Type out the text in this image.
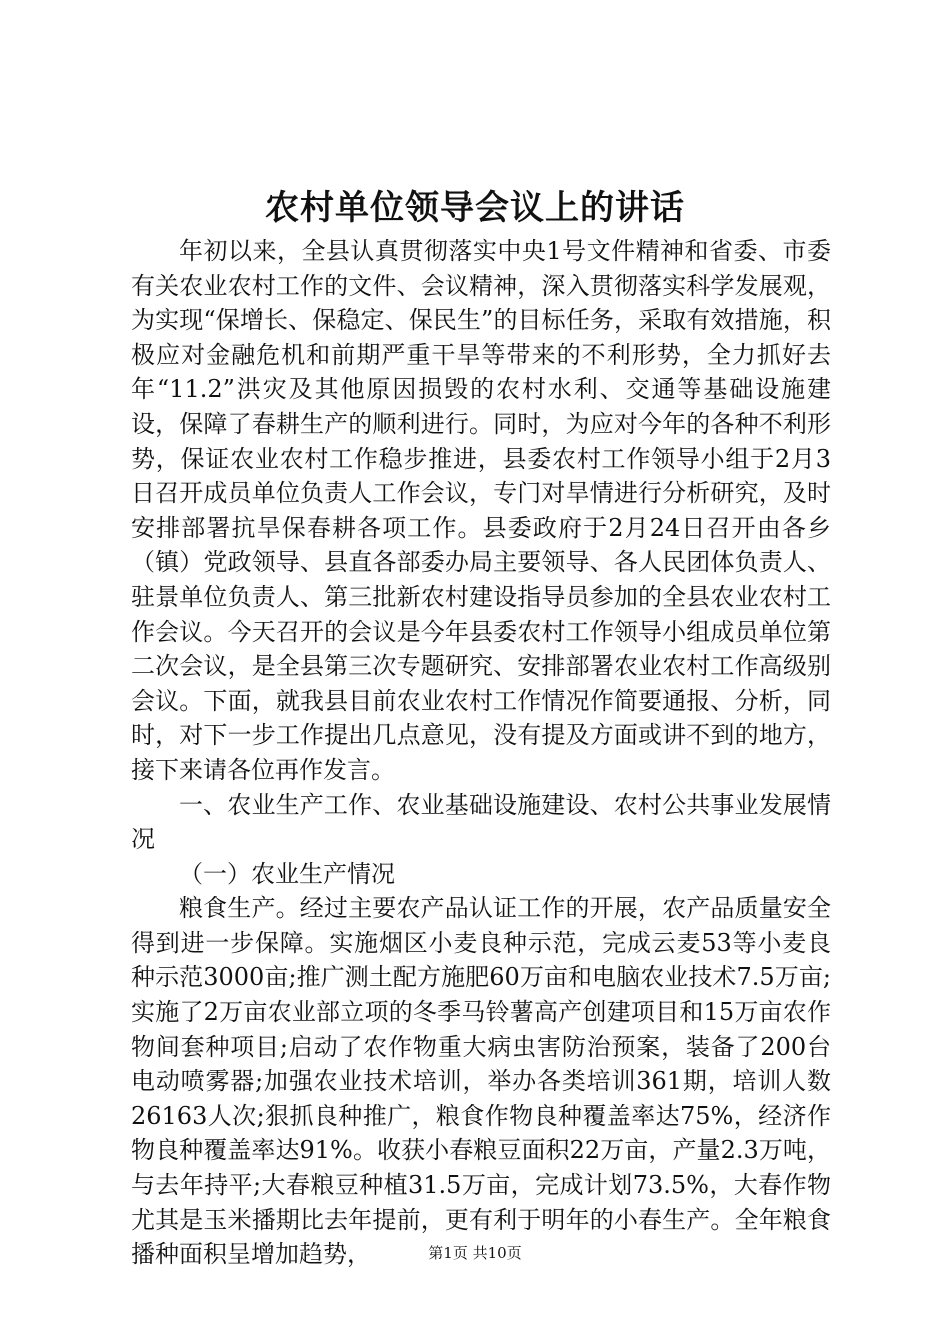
农村单位领导会议上的讲话

年初以来，全县认真贯彻落实中央1号文件精神和省委、市委有关农业农村工作的文件、会议精神，深入贯彻落实科学发展观，为实现“保增长、保稳定、保民生”的目标任务，采取有效措施，积极应对金融危机和前期严重干旱等带来的不利形势，全力抓好去年“11.2”洪灾及其他原因损毁的农村水利、交通等基础设施建设，保障了春耕生产的顺利进行。同时，为应对今年的各种不利形势，保证农业农村工作稳步推进，县委农村工作领导小组于2月3日召开成员单位负责人工作会议，专门对旱情进行分析研究，及时安排部署抗旱保春耕各项工作。县委政府于2月24日召开由各乡（镇）党政领导、县直各部委办局主要领导、各人民团体负责人、驻景单位负责人、第三批新农村建设指导员参加的全县农业农村工作会议。今天召开的会议是今年县委农村工作领导小组成员单位第二次会议，是全县第三次专题研究、安排部署农业农村工作高级别会议。下面，就我县目前农业农村工作情况作简要通报、分析，同时，对下一步工作提出几点意见，没有提及方面或讲不到的地方，接下来请各位再作发言。

一、农业生产工作、农业基础设施建设、农村公共事业发展情况

（一）农业生产情况

粮食生产。经过主要农产品认证工作的开展，农产品质量安全得到进一步保障。实施烟区小麦良种示范，完成云麦53等小麦良种示范3000亩;推广测土配方施肥60万亩和电脑农业技术7.5万亩;实施了2万亩农业部立项的冬季马铃薯高产创建项目和15万亩农作物间套种项目;启动了农作物重大病虫害防治预案，装备了200台电动喷雾器;加强农业技术培训，举办各类培训361期，培训人数26163人次;狠抓良种推广，粮食作物良种覆盖率达75%，经济作物良种覆盖率达91%。收获小春粮豆面积22万亩，产量2.3万吨，与去年持平;大春粮豆种植31.5万亩，完成计划73.5%，大春作物尤其是玉米播期比去年提前，更有利于明年的小春生产。全年粮食播种面积呈增加趋势，	第1页 共10页
